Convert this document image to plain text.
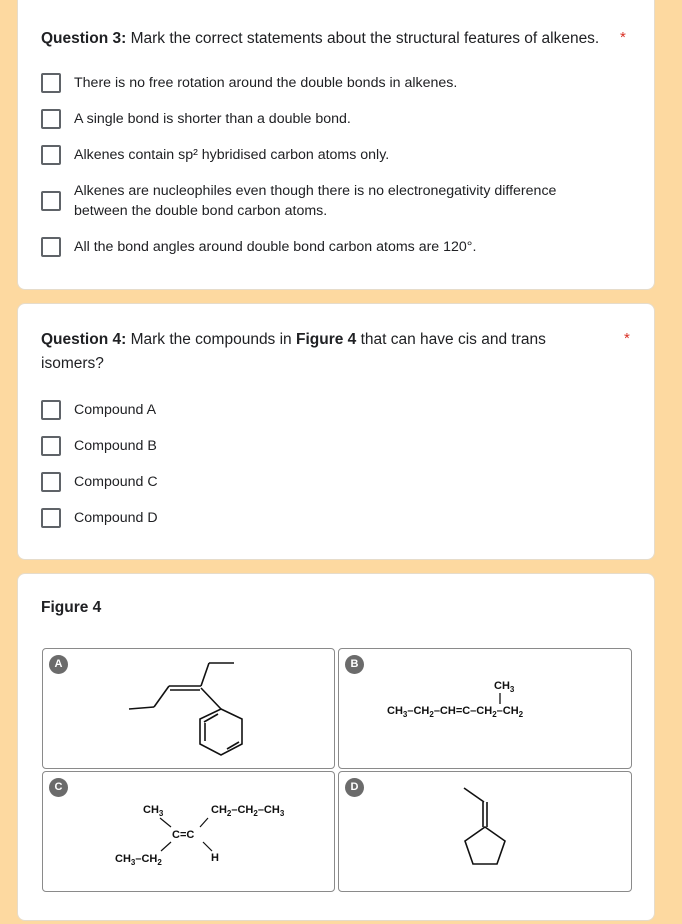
Question 3: Mark the correct statements about the structural features of alkenes. *
There is no free rotation around the double bonds in alkenes.
A single bond is shorter than a double bond.
Alkenes contain sp² hybridised carbon atoms only.
Alkenes are nucleophiles even though there is no electronegativity difference between the double bond carbon atoms.
All the bond angles around double bond carbon atoms are 120°.
Question 4: Mark the compounds in Figure 4 that can have cis and trans isomers?
*
Compound A
Compound B
Compound C
Compound D
Figure 4
A
$CH_3$
$CH_3-CH_2-CH=C-CH_2-CH_2$
B
$CH_3$	$CH_2-CH_2-CH_3$
C=C
$CH_3-CH_2$	H
C	D
